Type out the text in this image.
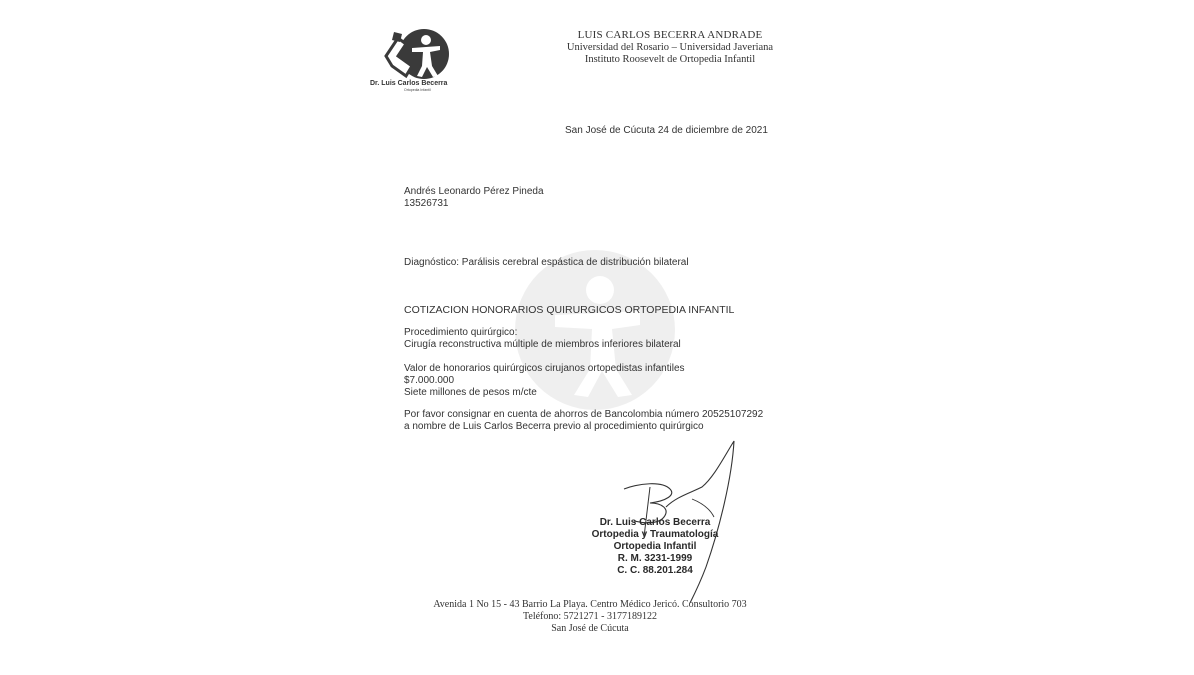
Dr. Luis Carlos Becerra
Ortopedia Infantil
LUIS CARLOS BECERRA ANDRADE
Universidad del Rosario – Universidad Javeriana
Instituto Roosevelt de Ortopedia Infantil
San José de Cúcuta 24 de diciembre de 2021
Andrés Leonardo Pérez Pineda
13526731
Diagnóstico: Parálisis cerebral espástica de distribución bilateral
COTIZACION HONORARIOS QUIRURGICOS ORTOPEDIA INFANTIL
Procedimiento quirúrgico:
Cirugía reconstructiva múltiple de miembros inferiores bilateral
Valor de honorarios quirúrgicos cirujanos ortopedistas infantiles
$7.000.000
Siete millones de pesos m/cte
Por favor consignar en cuenta de ahorros de Bancolombia número 20525107292
a nombre de Luis Carlos Becerra previo al procedimiento quirúrgico
Dr. Luis Carlos Becerra
Ortopedia y Traumatología
Ortopedia Infantil
R. M. 3231-1999
C. C. 88.201.284
Avenida 1 No 15 - 43 Barrio La Playa. Centro Médico Jericó. Consultorio 703
Teléfono: 5721271 - 3177189122
San José de Cúcuta
